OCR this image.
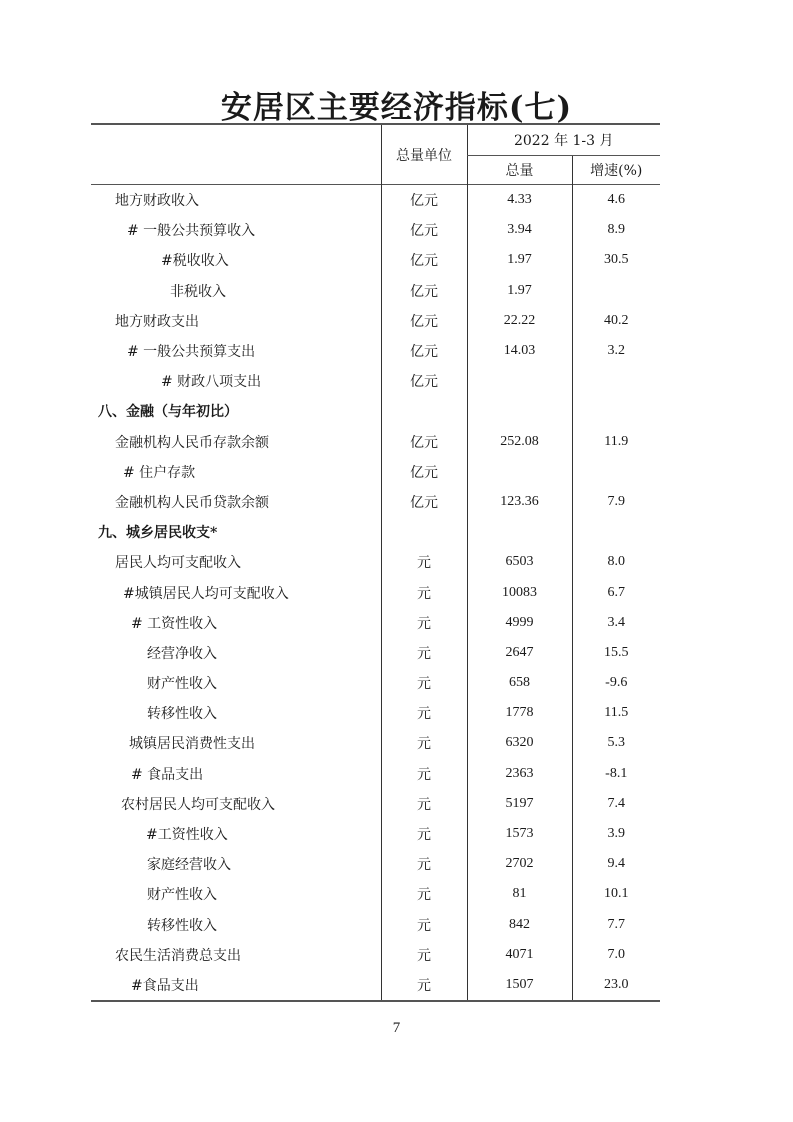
安居区主要经济指标(七)
	总量单位	2022 年 1-3 月	
		总量	增速(%)
地方财政收入	亿元	4.33	4.6
# 一般公共预算收入	亿元	3.94	8.9
#税收收入	亿元	1.97	30.5
非税收入	亿元	1.97	
地方财政支出	亿元	22.22	40.2
# 一般公共预算支出	亿元	14.03	3.2
# 财政八项支出	亿元		
八、金融（与年初比）			
金融机构人民币存款余额	亿元	252.08	11.9
# 住户存款	亿元		
金融机构人民币贷款余额	亿元	123.36	7.9
九、城乡居民收支*			
居民人均可支配收入	元	6503	8.0
#城镇居民人均可支配收入	元	10083	6.7
# 工资性收入	元	4999	3.4
经营净收入	元	2647	15.5
财产性收入	元	658	-9.6
转移性收入	元	1778	11.5
城镇居民消费性支出	元	6320	5.3
# 食品支出	元	2363	-8.1
农村居民人均可支配收入	元	5197	7.4
#工资性收入	元	1573	3.9
家庭经营收入	元	2702	9.4
财产性收入	元	81	10.1
转移性收入	元	842	7.7
农民生活消费总支出	元	4071	7.0
#食品支出	元	1507	23.0
7
